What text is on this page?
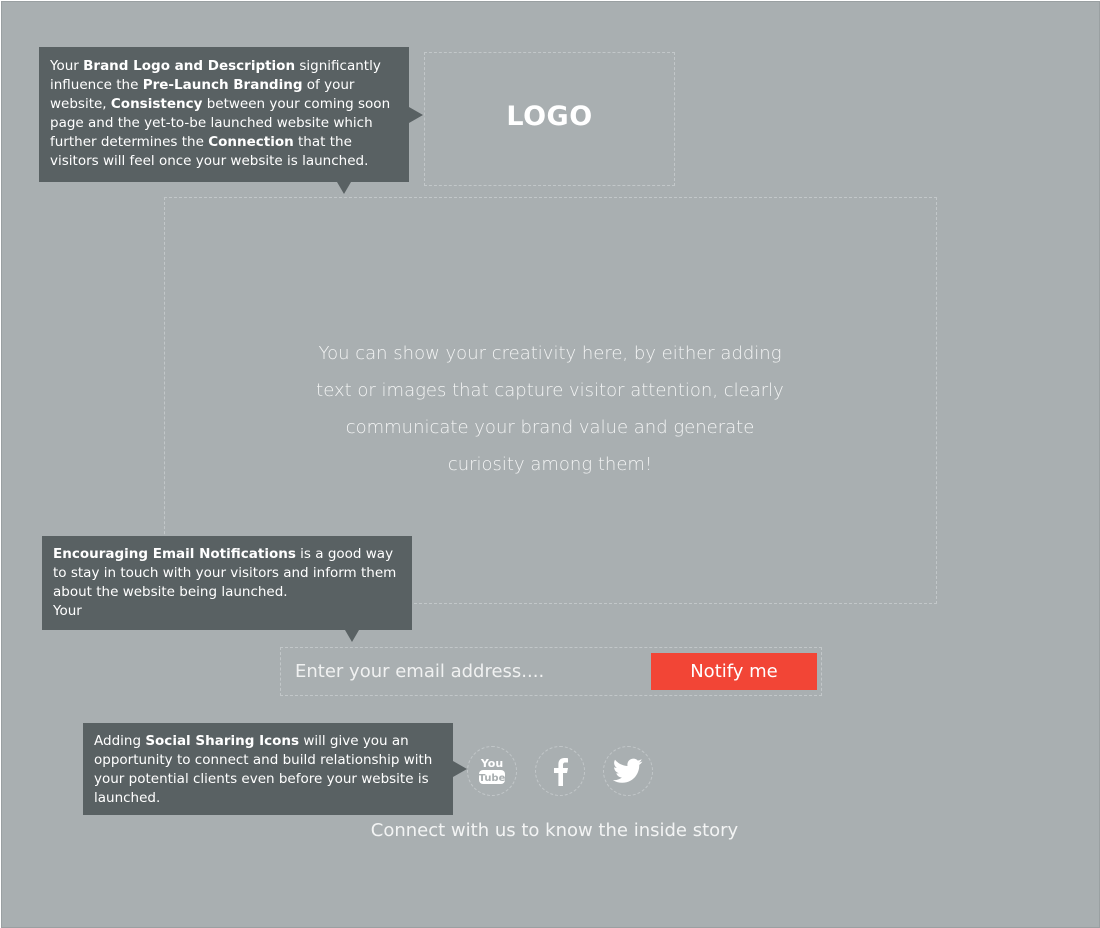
LOGO
You can show your creativity here, by either adding text or images that capture visitor attention, clearly communicate your brand value and generate curiosity among them!
Your Brand Logo and Description significantly influence the Pre-Launch Branding of your website, Consistency between your coming soon page and the yet-to-be launched website which further determines the Connection that the visitors will feel once your website is launched.
Encouraging Email Notifications is a good way to stay in touch with your visitors and inform them about the website being launched.
Your
Enter your email address....
Notify me
Adding Social Sharing Icons will give you an opportunity to connect and build relationship with your potential clients even before your website is launched.
You
Tube
Connect with us to know the inside story
